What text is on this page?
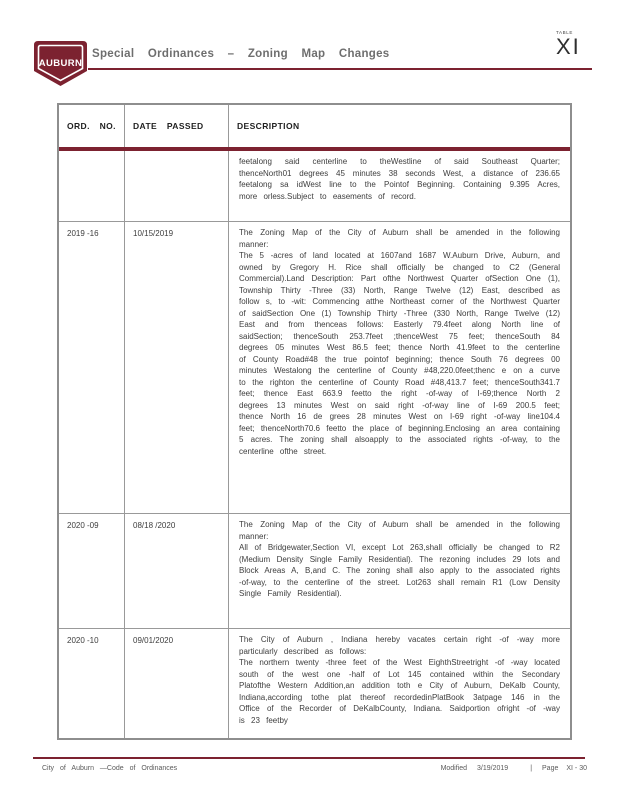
AUBURN
Special Ordinances – Zoning Map Changes
TABLE
XI
ORD. NO.	DATE PASSED	DESCRIPTION

feetalong said centerline to theWestline of said Southeast Quarter; thenceNorth01 degrees 45 minutes 38 seconds West, a distance of 236.65 feetalong sa idWest line to the Pointof Beginning. Containing 9.395 Acres, more orless.Subject to easements of record.

2019 -16	10/15/2019	The Zoning Map of the City of Auburn shall be amended in the following manner:

The 5 -acres of land located at 1607and 1687 W.Auburn Drive, Auburn, and owned by Gregory H. Rice shall officially be changed to C2 (General Commercial).Land Description: Part ofthe Northwest Quarter ofSection One (1), Township Thirty -Three (33) North, Range Twelve (12) East, described as follow s, to -wit: Commencing atthe Northeast corner of the Northwest Quarter of saidSection One (1) Township Thirty -Three (330 North, Range Twelve (12) East and from thenceas follows: Easterly 79.4feet along North line of saidSection; thenceSouth 253.7feet ;thenceWest 75 feet; thenceSouth 84 degrees 05 minutes West 86.5 feet; thence North 41.9feet to the centerline of County Road#48 the true pointof beginning; thence South 76 degrees 00 minutes Westalong the centerline of County #48,220.0feet;thenc e on a curve to the righton the centerline of County Road #48,413.7 feet; thenceSouth341.7 feet; thence East 663.9 feetto the right -of-way of I-69;thence North 2 degrees 13 minutes West on said right -of-way line of I-69 200.5 feet; thence North 16 de grees 28 minutes West on I-69 right -of-way line104.4 feet; thenceNorth70.6 feetto the place of beginning.Enclosing an area containing 5 acres. The zoning shall alsoapply to the associated rights -of-way, to the centerline ofthe street.

2020 -09	08/18 /2020	The Zoning Map of the City of Auburn shall be amended in the following manner:

All of Bridgewater,Section VI, except Lot 263,shall officially be changed to R2 (Medium Density Single Family Residential). The rezoning includes 29 lots and Block Areas A, B,and C. The zoning shall also apply to the associated rights -of-way, to the centerline of the street. Lot263 shall remain R1 (Low Density Single Family Residential).

2020 -10	09/01/2020	The City of Auburn , Indiana hereby vacates certain right -of -way more particularly described as follows:

The northern twenty -three feet of the West EighthStreetright -of -way located south of the west one -half of Lot 145 contained within the Secondary Platofthe Western Addition,an addition toth e City of Auburn, DeKalb County, Indiana,according tothe plat thereof recordedinPlatBook 3atpage 146 in the Office of the Recorder of DeKalbCounty, Indiana. Saidportion ofright -of -way is 23 feetby

City of Auburn —Code of Ordinances	Modified 3/19/2019	| Page XI - 30
